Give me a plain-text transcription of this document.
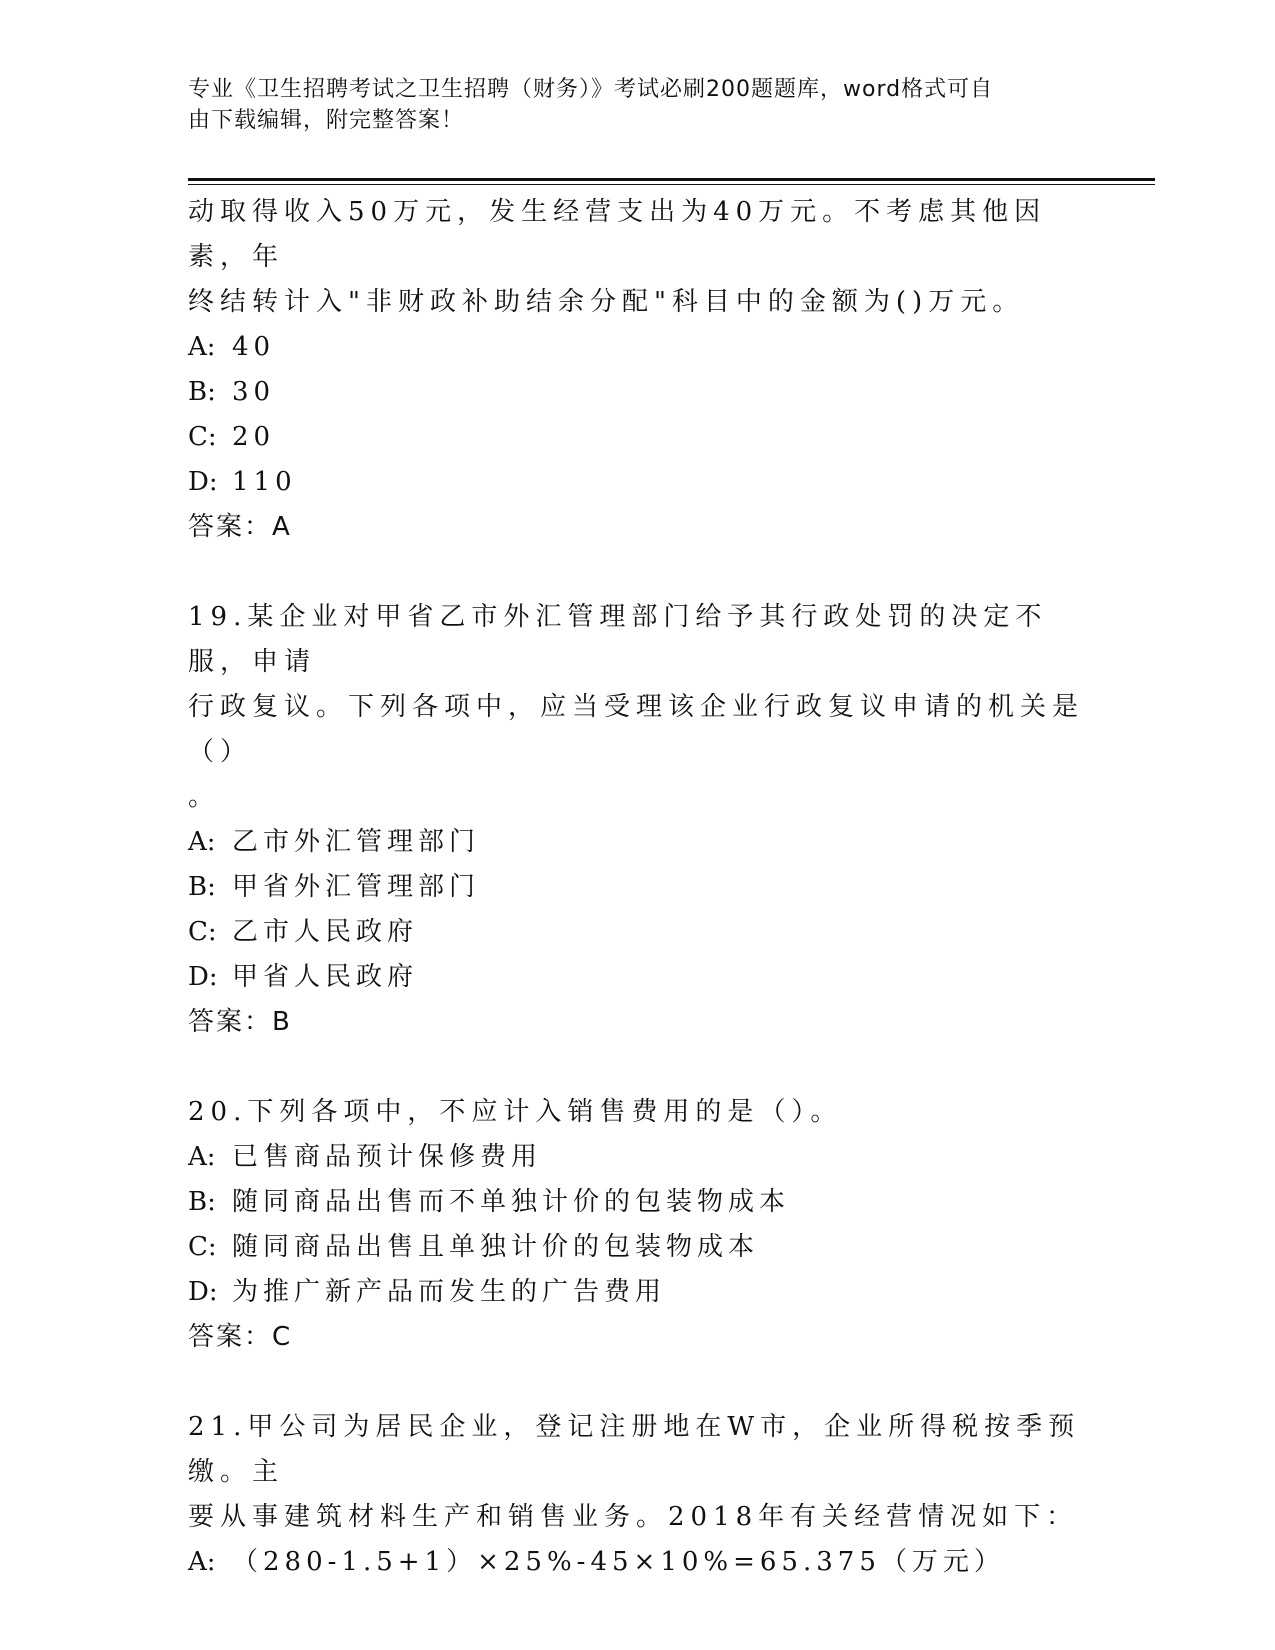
专业《卫生招聘考试之卫生招聘（财务）》考试必刷200题题库，word格式可自
由下载编辑，附完整答案！

动取得收入50万元，发生经营支出为40万元。不考虑其他因素，年

终结转计入"非财政补助结余分配"科目中的金额为()万元。

A: 40

B: 30

C: 20

D: 110

答案：A

19.某企业对甲省乙市外汇管理部门给予其行政处罚的决定不服，申请

行政复议。下列各项中，应当受理该企业行政复议申请的机关是（）

。

A: 乙市外汇管理部门

B: 甲省外汇管理部门

C: 乙市人民政府

D: 甲省人民政府

答案：B

20.下列各项中，不应计入销售费用的是（）。

A: 已售商品预计保修费用

B: 随同商品出售而不单独计价的包装物成本

C: 随同商品出售且单独计价的包装物成本

D: 为推广新产品而发生的广告费用

答案：C

21.甲公司为居民企业，登记注册地在W市，企业所得税按季预缴。主

要从事建筑材料生产和销售业务。2018年有关经营情况如下：

A: （280-1.5+1）×25%-45×10%=65.375（万元）
